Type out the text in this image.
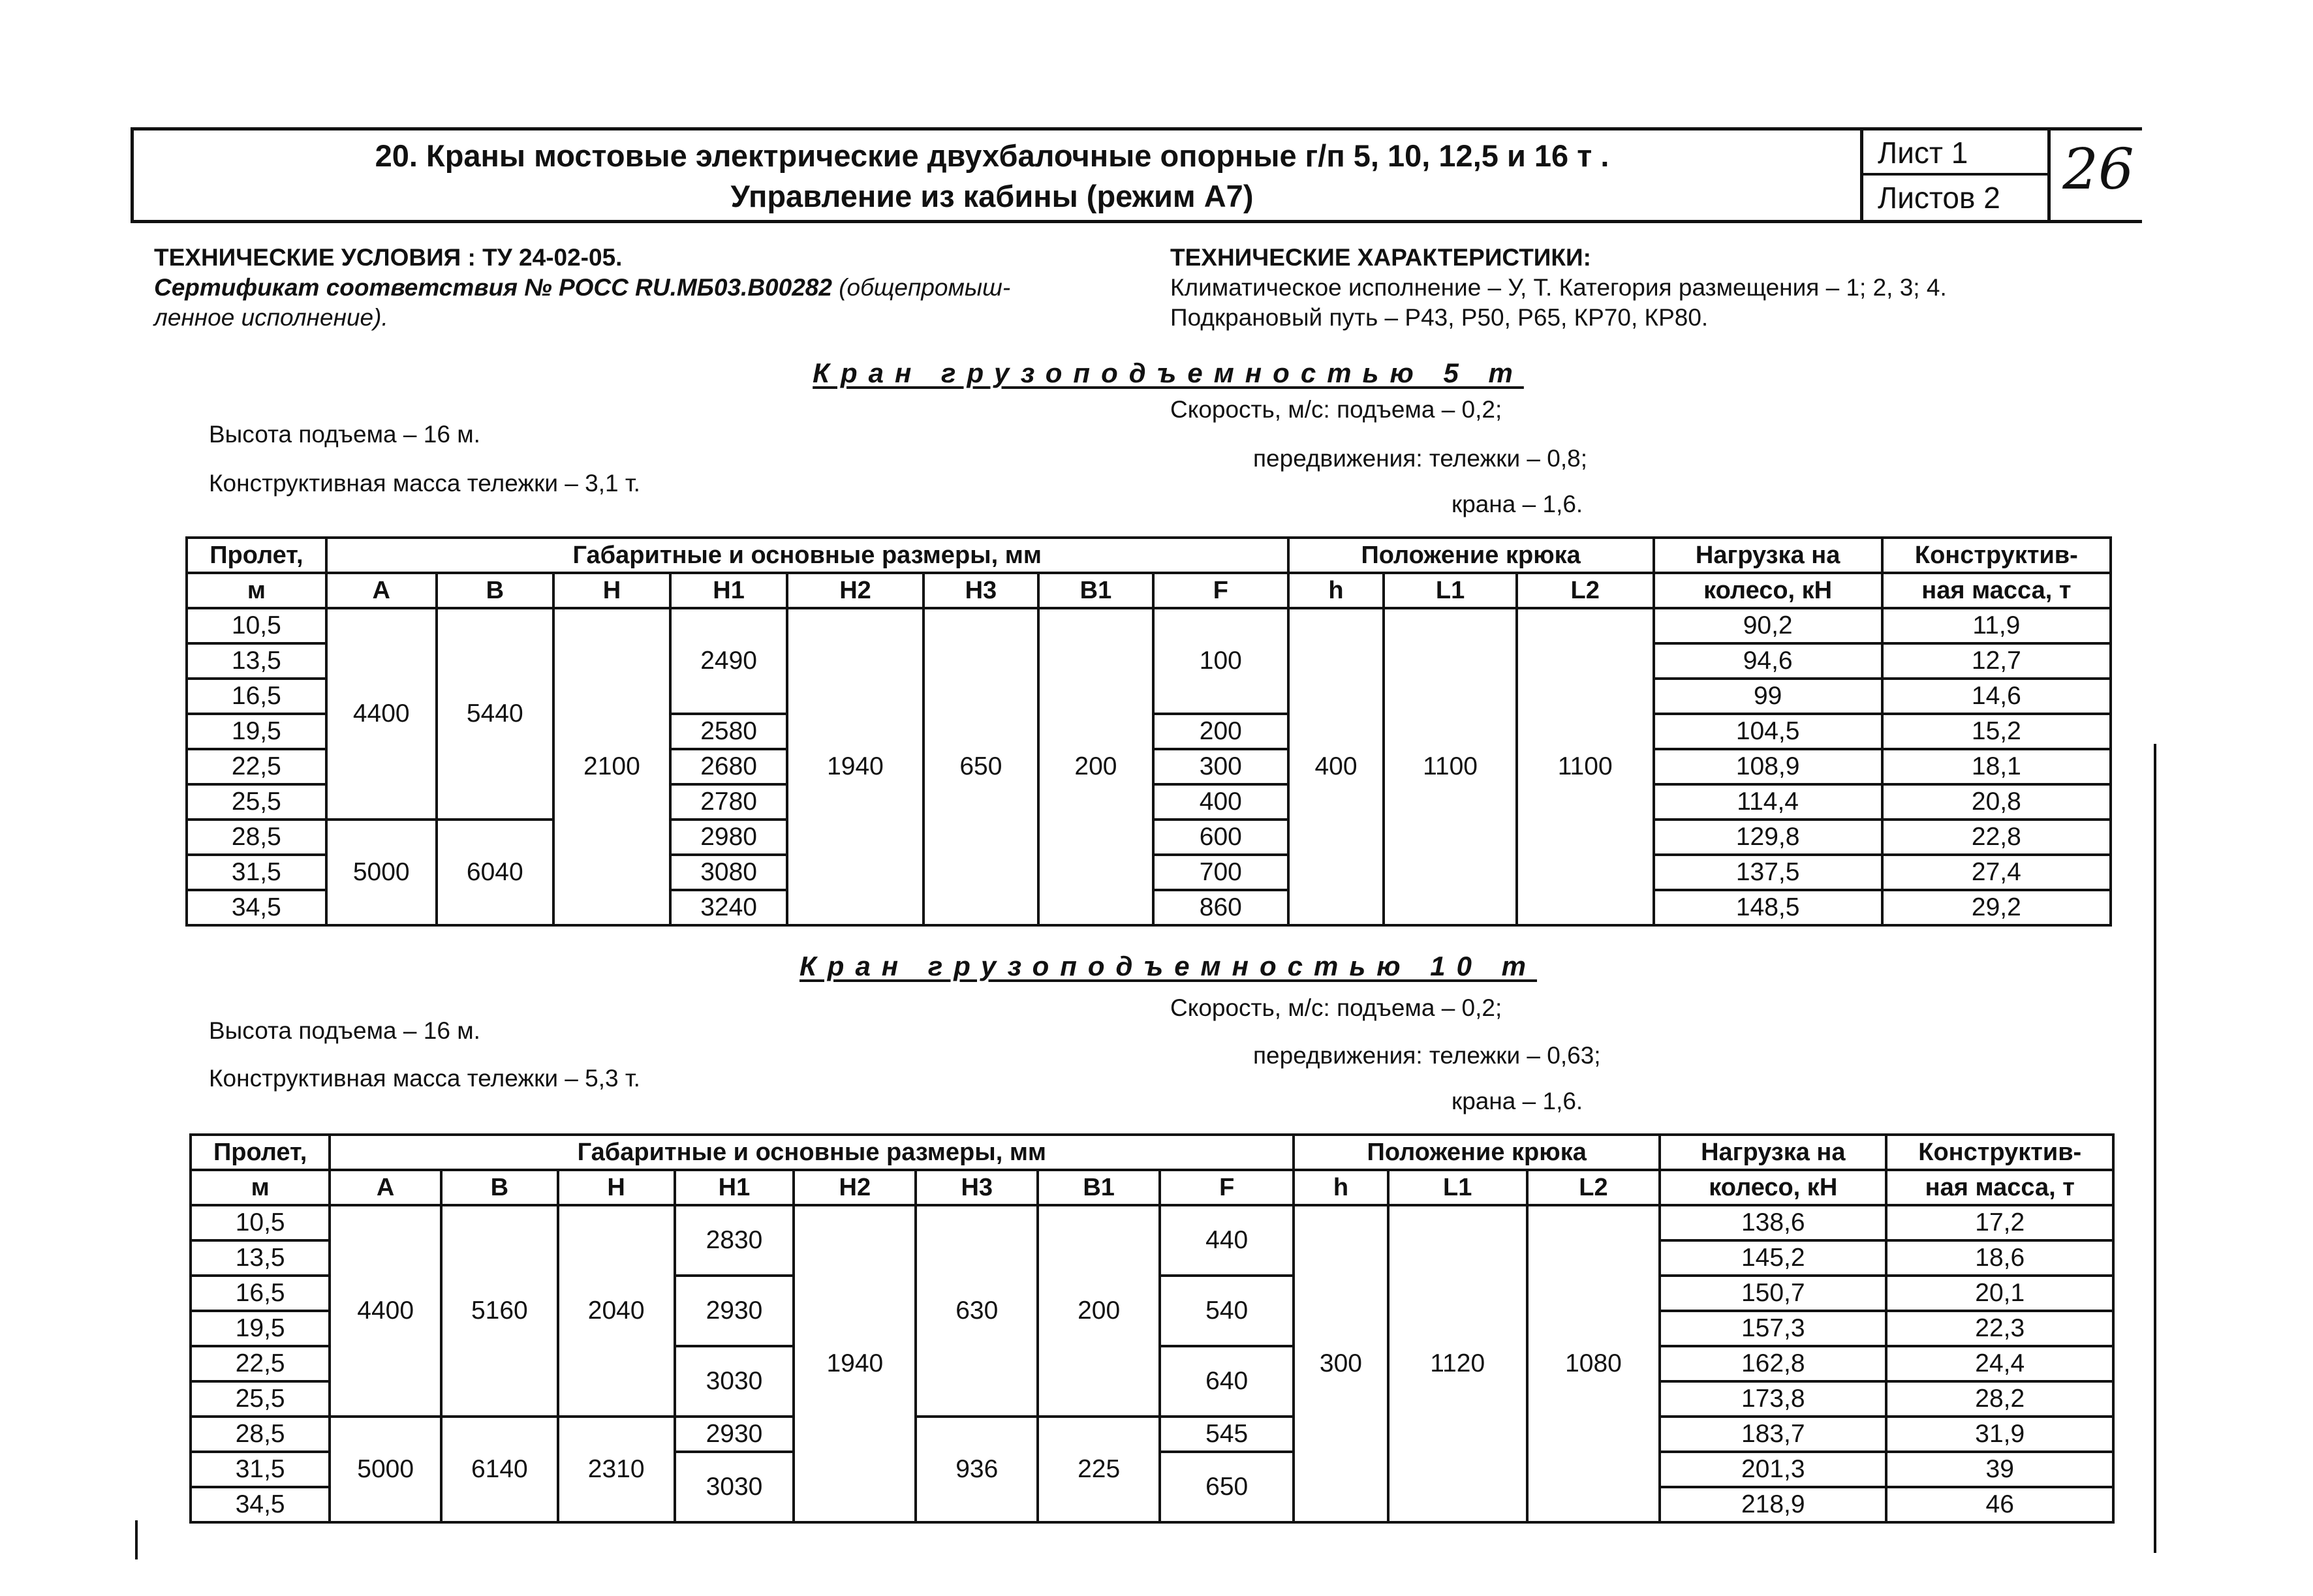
20. Краны мостовые электрические двухбалочные опорные г/п 5, 10, 12,5 и 16 т .
Управление из кабины (режим А7)
Лист 1
Листов 2	26
ТЕХНИЧЕСКИЕ УСЛОВИЯ : ТУ 24-02-05.
Сертификат соответствия № РОСС RU.МБ03.В00282 (общепромыш-
ленное исполнение).
ТЕХНИЧЕСКИЕ ХАРАКТЕРИСТИКИ:
Климатическое исполнение – У, Т. Категория размещения – 1; 2, 3; 4.
Подкрановый путь – Р43, Р50, Р65, КР70, КР80.
Кран грузоподъемностью 5 т
Скорость, м/с: подъема – 0,2;
передвижения: тележки – 0,8;
крана – 1,6.
Высота подъема – 16 м.
Конструктивная масса тележки – 3,1 т.
Пролет,	Габаритные и основные размеры, мм								Положение крюка			Нагрузка на	Конструктив-
м	A	B	H	H1	H2	H3	B1	F	h	L1	L2	колесо, кН	ная масса, т
10,5	4400	5440	2100	2490	1940	650	200	100	400	1100	1100	90,2	11,9
13,5												94,6	12,7
16,5												99	14,6
19,5				2580				200				104,5	15,2
22,5				2680				300				108,9	18,1
25,5				2780				400				114,4	20,8
28,5	5000	6040		2980				600				129,8	22,8
31,5				3080				700				137,5	27,4
34,5				3240				860				148,5	29,2
Кран грузоподъемностью 10 т
Скорость, м/с: подъема – 0,2;
передвижения: тележки – 0,63;
крана – 1,6.
Высота подъема – 16 м.
Конструктивная масса тележки – 5,3 т.
Пролет,	Габаритные и основные размеры, мм								Положение крюка			Нагрузка на	Конструктив-
м	A	B	H	H1	H2	H3	B1	F	h	L1	L2	колесо, кН	ная масса, т
10,5	4400	5160	2040	2830	1940	630	200	440	300	1120	1080	138,6	17,2
13,5												145,2	18,6
16,5				2930				540				150,7	20,1
19,5												157,3	22,3
22,5				3030				640				162,8	24,4
25,5												173,8	28,2
28,5	5000	6140	2310	2930		936	225	545				183,7	31,9
31,5				3030				650				201,3	39
34,5												218,9	46
